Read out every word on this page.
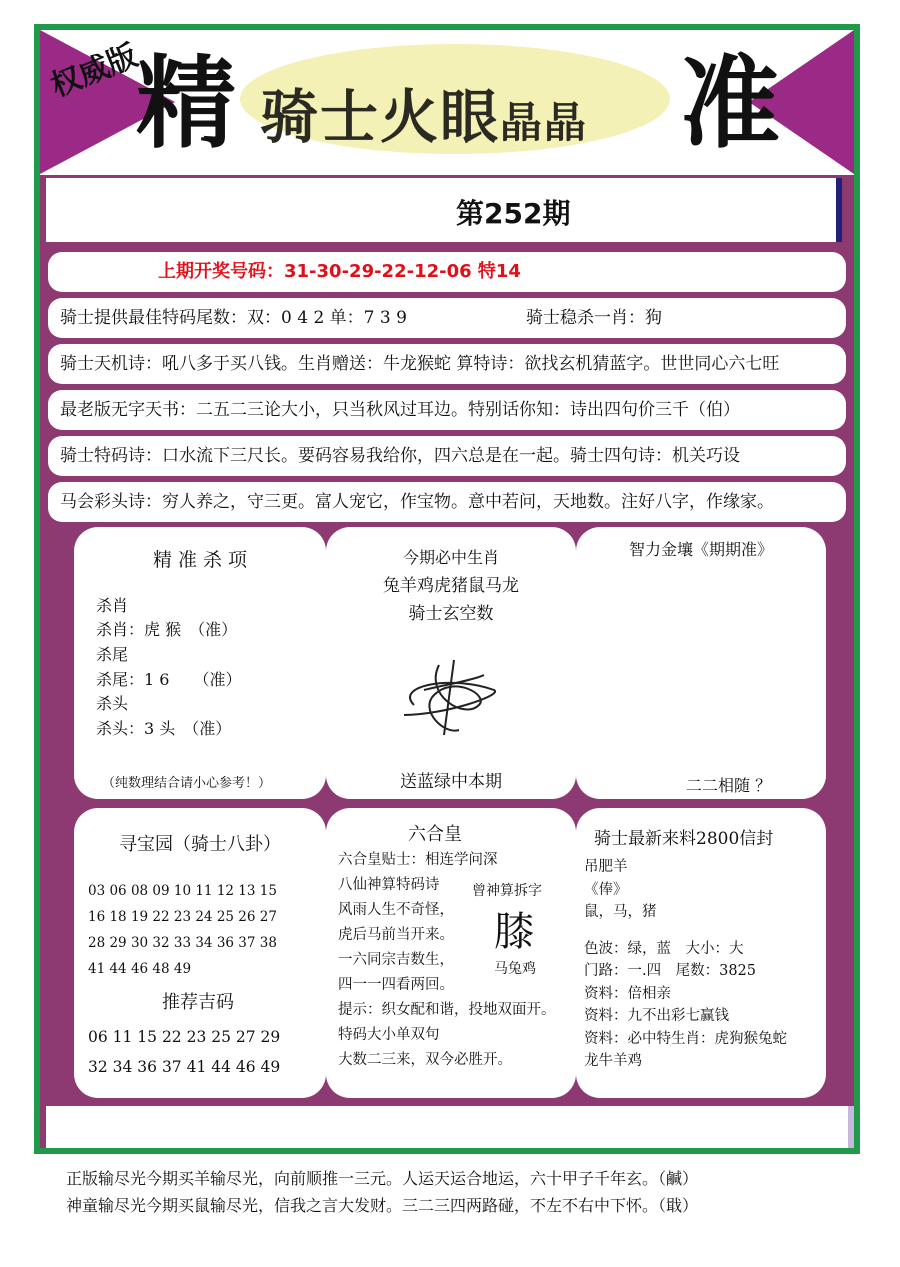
权威版
精 骑士火眼晶晶 准
第252期
上期开奖号码：31-30-29-22-12-06 特14
骑士提供最佳特码尾数：双：0 4 2 单：7 3 9	骑士稳杀一肖：狗
骑士天机诗：吼八多于买八钱。生肖赠送：牛龙猴蛇 算特诗：欲找玄机猜蓝字。世世同心六七旺
最老版无字天书：二五二三论大小，只当秋风过耳边。特别话你知：诗出四句价三千（伯）
骑士特码诗：口水流下三尺长。要码容易我给你，四六总是在一起。骑士四句诗：机关巧设
马会彩头诗：穷人养之，守三更。富人宠它，作宝物。意中若问，天地数。注好八字，作缘家。
精 准 杀 项
杀肖
杀肖：虎 猴　（准）
杀尾
杀尾：1 6　　（准）
杀头
杀头：3 头　（准）
（纯数理结合请小心参考！）
今期必中生肖
兔羊鸡虎猪鼠马龙
骑士玄空数
送蓝绿中本期
智力金壤《期期准》
二二相随 ？
寻宝园（骑士八卦）
03 06 08 09 10 11 12 13 15
16 18 19 22 23 24 25 26 27
28 29 30 32 33 34 36 37 38
41 44 46 48 49
推荐吉码
06 11 15 22 23 25 27 29
32 34 36 37 41 44 46 49
六合皇
六合皇贴士：相连学问深
八仙神算特码诗
风雨人生不奇怪，
虎后马前当开来。
一六同宗吉数生，
四一一四看两回。
提示：织女配和谐，投地双面开。
特码大小单双句
大数二三来，双今必胜开。
曾神算拆字
膝
马兔鸡
骑士最新来料2800信封
吊肥羊
《俸》
鼠，马，猪
色波：绿，蓝　大小：大
门路：一.四　尾数：3825
资料：倍相亲
资料：九不出彩七赢钱
资料：必中特生肖：虎狗猴兔蛇
龙牛羊鸡
正版输尽光今期买羊输尽光，向前顺推一三元。人运天运合地运，六十甲子千年玄。（鹹）
神童输尽光今期买鼠输尽光，信我之言大发财。三二三四两路碰，不左不右中下怀。（戢）
